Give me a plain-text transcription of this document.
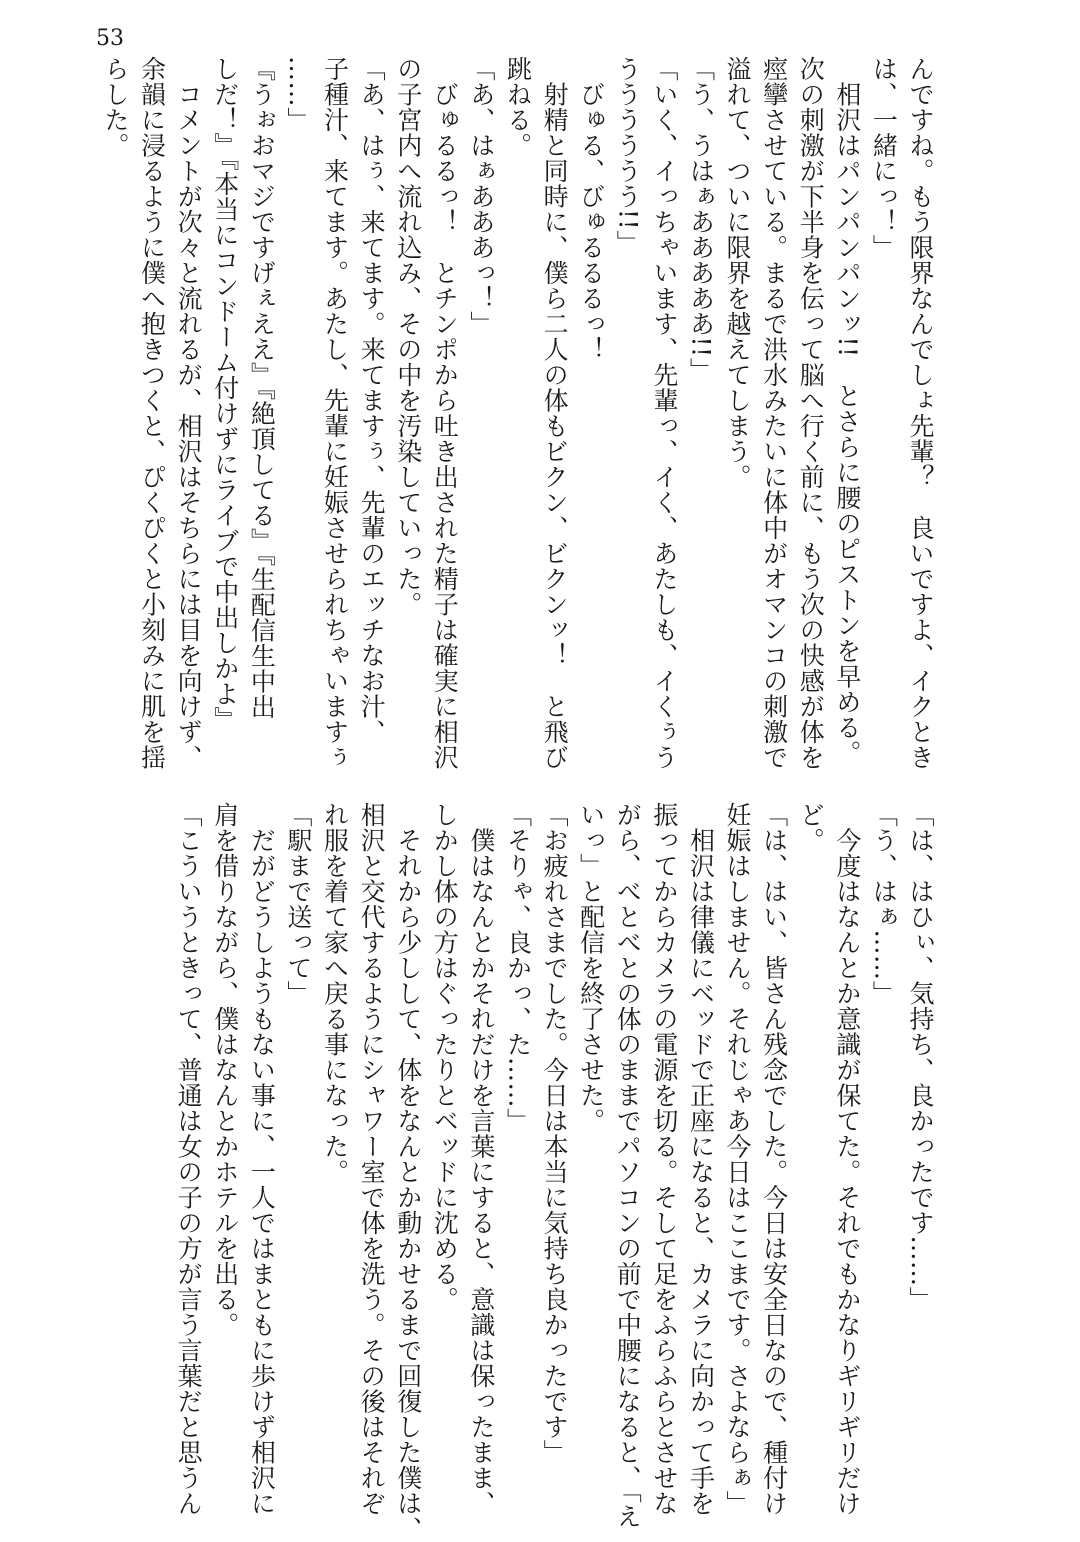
53
んですね。もう限界なんでしょ先輩？　良いですよ、イクとき
は、一緒にっ！」
　相沢はパンパンパンッ!!　とさらに腰のピストンを早める。
次の刺激が下半身を伝って脳へ行く前に、もう次の快感が体を
痙攣させている。まるで洪水みたいに体中がオマンコの刺激で
溢れて、ついに限界を越えてしまう。
「う、うはぁあああああ!!」
「いく、イっちゃいます、先輩っ、イく、あたしも、イくぅう
うううううう!!」
　びゅる、びゅるるるっ！
　射精と同時に、僕ら二人の体もビクン、ビクンッ！　と飛び
跳ねる。
「あ、はぁあああっ！」
　びゅるるっ！　とチンポから吐き出された精子は確実に相沢
の子宮内へ流れ込み、その中を汚染していった。
「あ、はぅ、来てます。来てますぅ、先輩のエッチなお汁、
子種汁、来てます。あたし、先輩に妊娠させられちゃいますぅ
……」
『うぉおマジですげぇええ』『絶頂してる』『生配信生中出
しだ！』『本当にコンドーム付けずにライブで中出しかよ』
　コメントが次々と流れるが、相沢はそちらには目を向けず、
余韻に浸るように僕へ抱きつくと、ぴくぴくと小刻みに肌を揺
らした。
「は、はひぃ、気持ち、良かったです……」
「う、はぁ……」
　今度はなんとか意識が保てた。それでもかなりギリギリだけ
ど。
「は、はい、皆さん残念でした。今日は安全日なので、種付け
妊娠はしません。それじゃあ今日はここまです。さよならぁ」
　相沢は律儀にベッドで正座になると、カメラに向かって手を
振ってからカメラの電源を切る。そして足をふらふらとさせな
がら、べとべとの体のままでパソコンの前で中腰になると、「え
いっ」と配信を終了させた。
「お疲れさまでした。今日は本当に気持ち良かったです」
「そりゃ、良かっ、た……」
　僕はなんとかそれだけを言葉にすると、意識は保ったまま、
しかし体の方はぐったりとベッドに沈める。
　それから少しして、体をなんとか動かせるまで回復した僕は、
相沢と交代するようにシャワー室で体を洗う。その後はそれぞ
れ服を着て家へ戻る事になった。
「駅まで送って」
　だがどうしようもない事に、一人ではまともに歩けず相沢に
肩を借りながら、僕はなんとかホテルを出る。
「こういうときって、普通は女の子の方が言う言葉だと思うん
